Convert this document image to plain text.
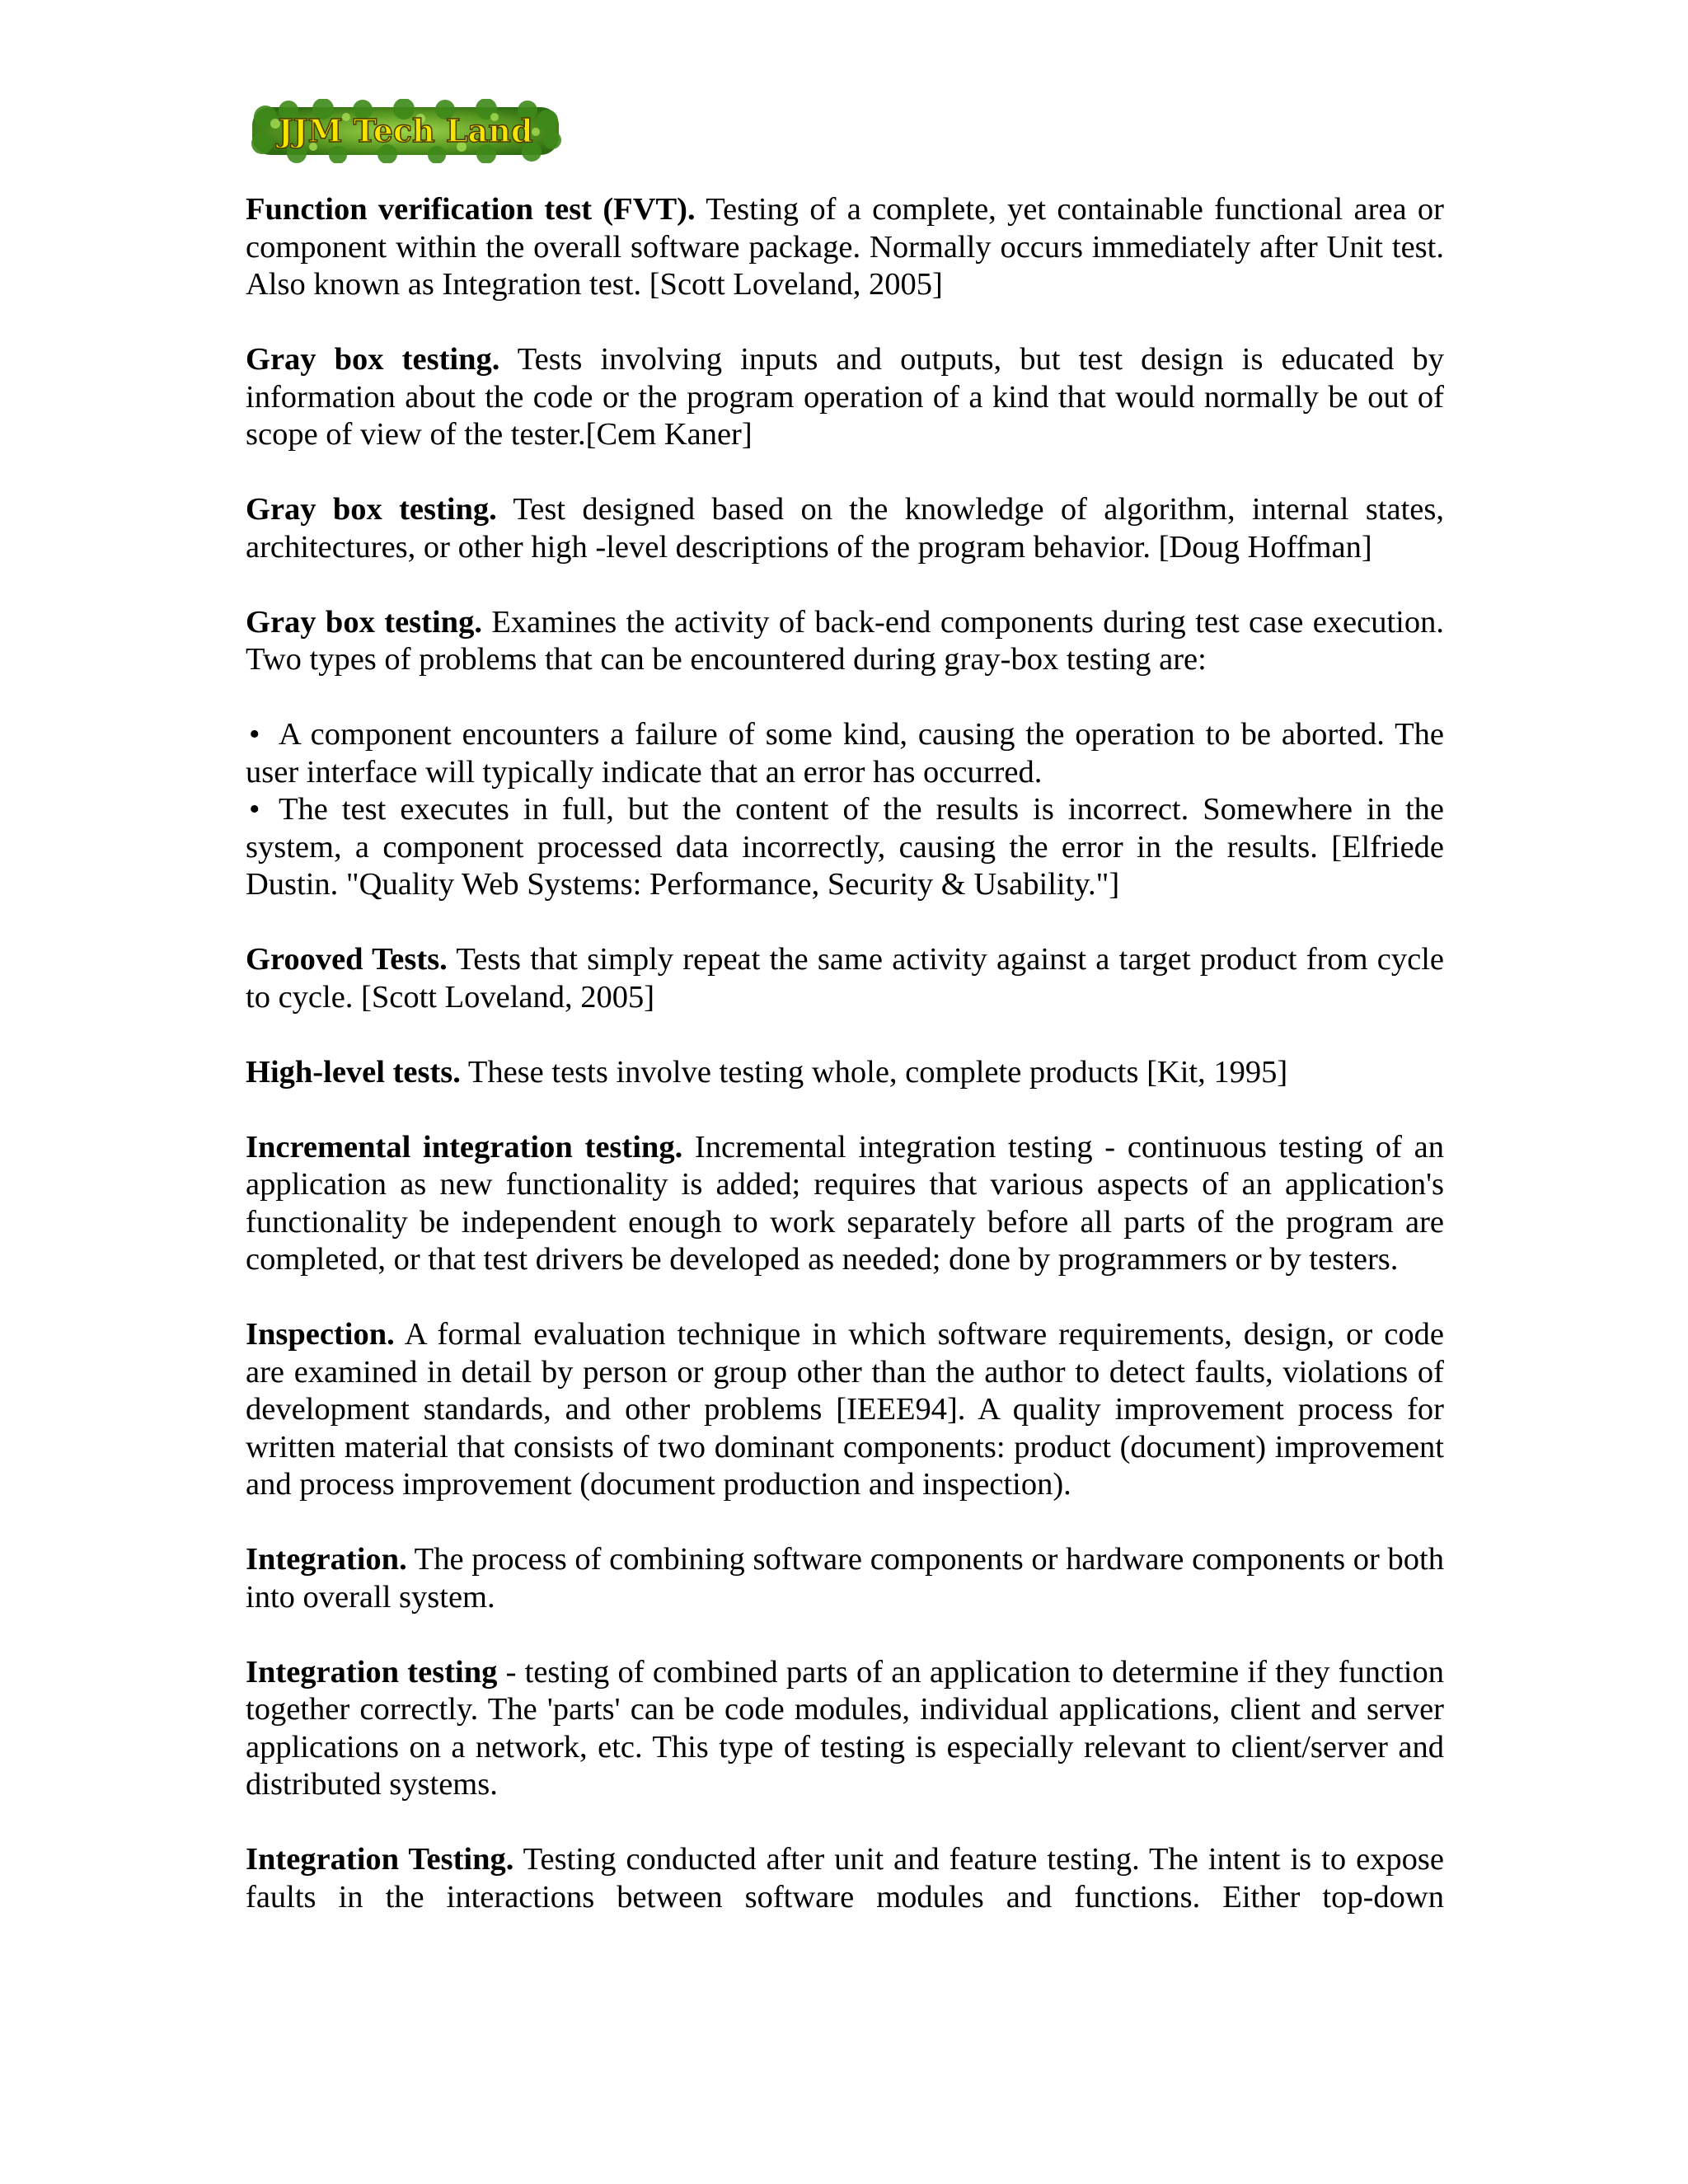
JJM Tech Land

Function verification test (FVT). Testing of a complete, yet containable functional area or component within the overall software package. Normally occurs immediately after Unit test. Also known as Integration test. [Scott Loveland, 2005]

Gray box testing. Tests involving inputs and outputs, but test design is educated by information about the code or the program operation of a kind that would normally be out of scope of view of the tester.[Cem Kaner]

Gray box testing. Test designed based on the knowledge of algorithm, internal states, architectures, or other high -level descriptions of the program behavior. [Doug Hoffman]

Gray box testing. Examines the activity of back-end components during test case execution. Two types of problems that can be encountered during gray-box testing are:

• A component encounters a failure of some kind, causing the operation to be aborted. The user interface will typically indicate that an error has occurred.
• The test executes in full, but the content of the results is incorrect. Somewhere in the system, a component processed data incorrectly, causing the error in the results. [Elfriede Dustin. "Quality Web Systems: Performance, Security & Usability."]

Grooved Tests. Tests that simply repeat the same activity against a target product from cycle to cycle. [Scott Loveland, 2005]

High-level tests. These tests involve testing whole, complete products [Kit, 1995]

Incremental integration testing. Incremental integration testing - continuous testing of an application as new functionality is added; requires that various aspects of an application's functionality be independent enough to work separately before all parts of the program are completed, or that test drivers be developed as needed; done by programmers or by testers.

Inspection. A formal evaluation technique in which software requirements, design, or code are examined in detail by person or group other than the author to detect faults, violations of development standards, and other problems [IEEE94]. A quality improvement process for written material that consists of two dominant components: product (document) improvement and process improvement (document production and inspection).

Integration. The process of combining software components or hardware components or both into overall system.

Integration testing - testing of combined parts of an application to determine if they function together correctly. The 'parts' can be code modules, individual applications, client and server applications on a network, etc. This type of testing is especially relevant to client/server and distributed systems.

Integration Testing. Testing conducted after unit and feature testing. The intent is to expose faults in the interactions between software modules and functions. Either top-down
